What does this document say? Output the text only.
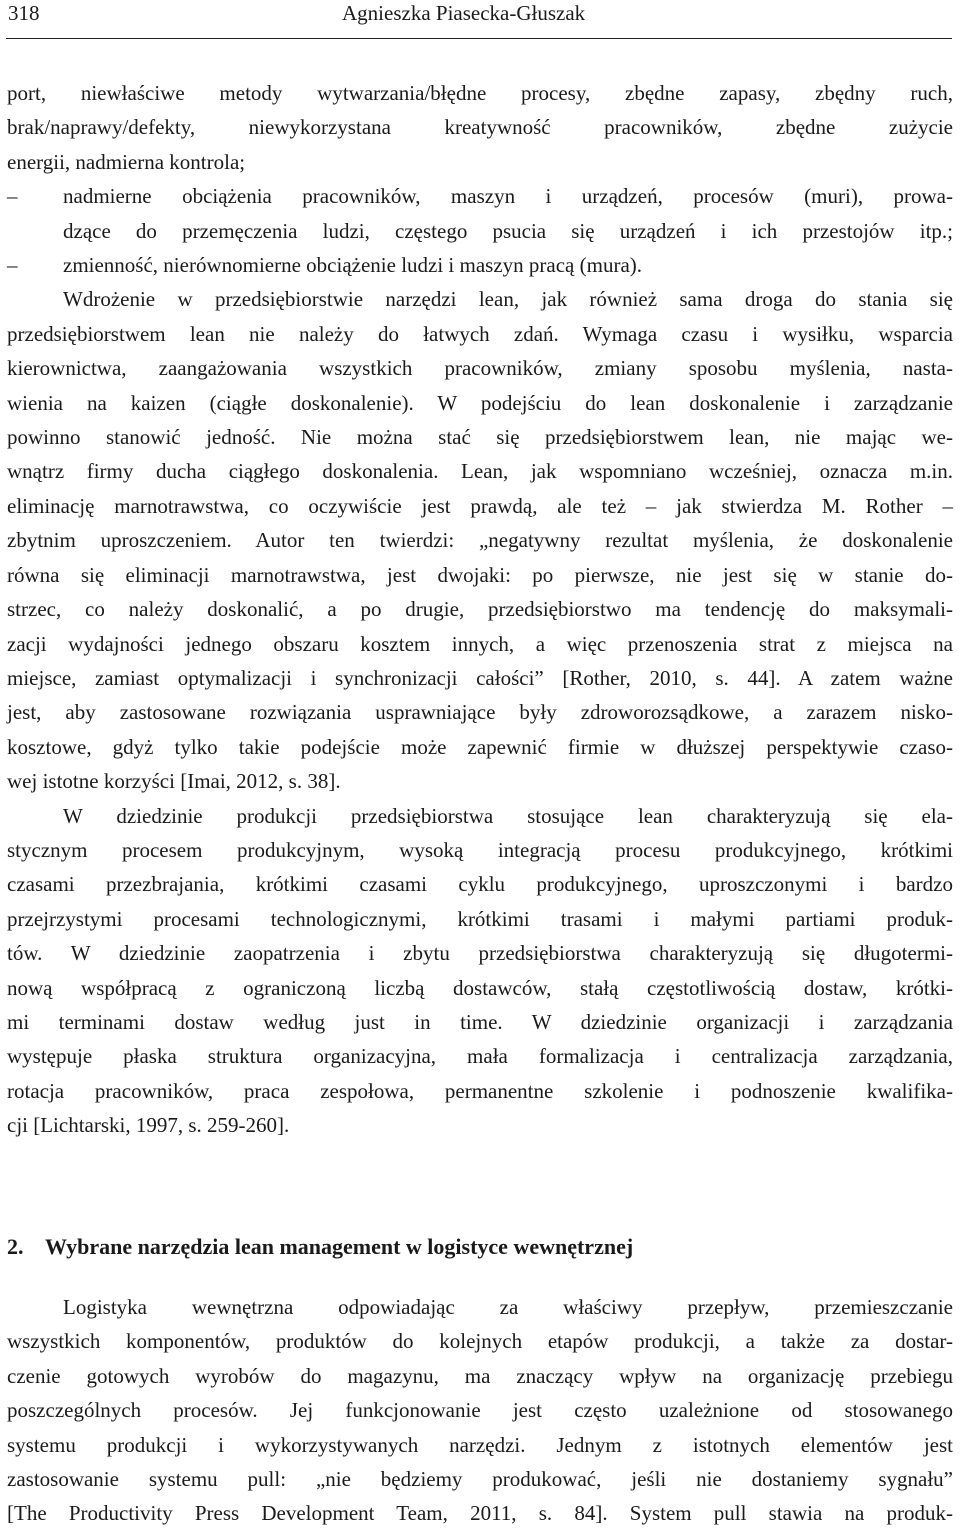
318	Agnieszka Piasecka-Głuszak
port, niewłaściwe metody wytwarzania/błędne procesy, zbędne zapasy, zbędny ruch,
brak/naprawy/defekty, niewykorzystana kreatywność pracowników, zbędne zużycie
energii, nadmierna kontrola;
– nadmierne obciążenia pracowników, maszyn i urządzeń, procesów (muri), prowa-
dzące do przemęczenia ludzi, częstego psucia się urządzeń i ich przestojów itp.;
– zmienność, nierównomierne obciążenie ludzi i maszyn pracą (mura).
Wdrożenie w przedsiębiorstwie narzędzi lean, jak również sama droga do stania się
przedsiębiorstwem lean nie należy do łatwych zdań. Wymaga czasu i wysiłku, wsparcia
kierownictwa, zaangażowania wszystkich pracowników, zmiany sposobu myślenia, nasta-
wienia na kaizen (ciągłe doskonalenie). W podejściu do lean doskonalenie i zarządzanie
powinno stanowić jedność. Nie można stać się przedsiębiorstwem lean, nie mając we-
wnątrz firmy ducha ciągłego doskonalenia. Lean, jak wspomniano wcześniej, oznacza m.in.
eliminację marnotrawstwa, co oczywiście jest prawdą, ale też – jak stwierdza M. Rother –
zbytnim uproszczeniem. Autor ten twierdzi: „negatywny rezultat myślenia, że doskonalenie
równa się eliminacji marnotrawstwa, jest dwojaki: po pierwsze, nie jest się w stanie do-
strzec, co należy doskonalić, a po drugie, przedsiębiorstwo ma tendencję do maksymali-
zacji wydajności jednego obszaru kosztem innych, a więc przenoszenia strat z miejsca na
miejsce, zamiast optymalizacji i synchronizacji całości” [Rother, 2010, s. 44]. A zatem ważne
jest, aby zastosowane rozwiązania usprawniające były zdroworozsądkowe, a zarazem nisko-
kosztowe, gdyż tylko takie podejście może zapewnić firmie w dłuższej perspektywie czaso-
wej istotne korzyści [Imai, 2012, s. 38].
W dziedzinie produkcji przedsiębiorstwa stosujące lean charakteryzują się ela-
stycznym procesem produkcyjnym, wysoką integracją procesu produkcyjnego, krótkimi
czasami przezbrajania, krótkimi czasami cyklu produkcyjnego, uproszczonymi i bardzo
przejrzystymi procesami technologicznymi, krótkimi trasami i małymi partiami produk-
tów. W dziedzinie zaopatrzenia i zbytu przedsiębiorstwa charakteryzują się długotermi-
nową współpracą z ograniczoną liczbą dostawców, stałą częstotliwością dostaw, krótki-
mi terminami dostaw według just in time. W dziedzinie organizacji i zarządzania
występuje płaska struktura organizacyjna, mała formalizacja i centralizacja zarządzania,
rotacja pracowników, praca zespołowa, permanentne szkolenie i podnoszenie kwalifika-
cji [Lichtarski, 1997, s. 259-260].
2. Wybrane narzędzia lean management w logistyce wewnętrznej
Logistyka wewnętrzna odpowiadając za właściwy przepływ, przemieszczanie
wszystkich komponentów, produktów do kolejnych etapów produkcji, a także za dostar-
czenie gotowych wyrobów do magazynu, ma znaczący wpływ na organizację przebiegu
poszczególnych procesów. Jej funkcjonowanie jest często uzależnione od stosowanego
systemu produkcji i wykorzystywanych narzędzi. Jednym z istotnych elementów jest
zastosowanie systemu pull: „nie będziemy produkować, jeśli nie dostaniemy sygnału”
[The Productivity Press Development Team, 2011, s. 84]. System pull stawia na produk-
